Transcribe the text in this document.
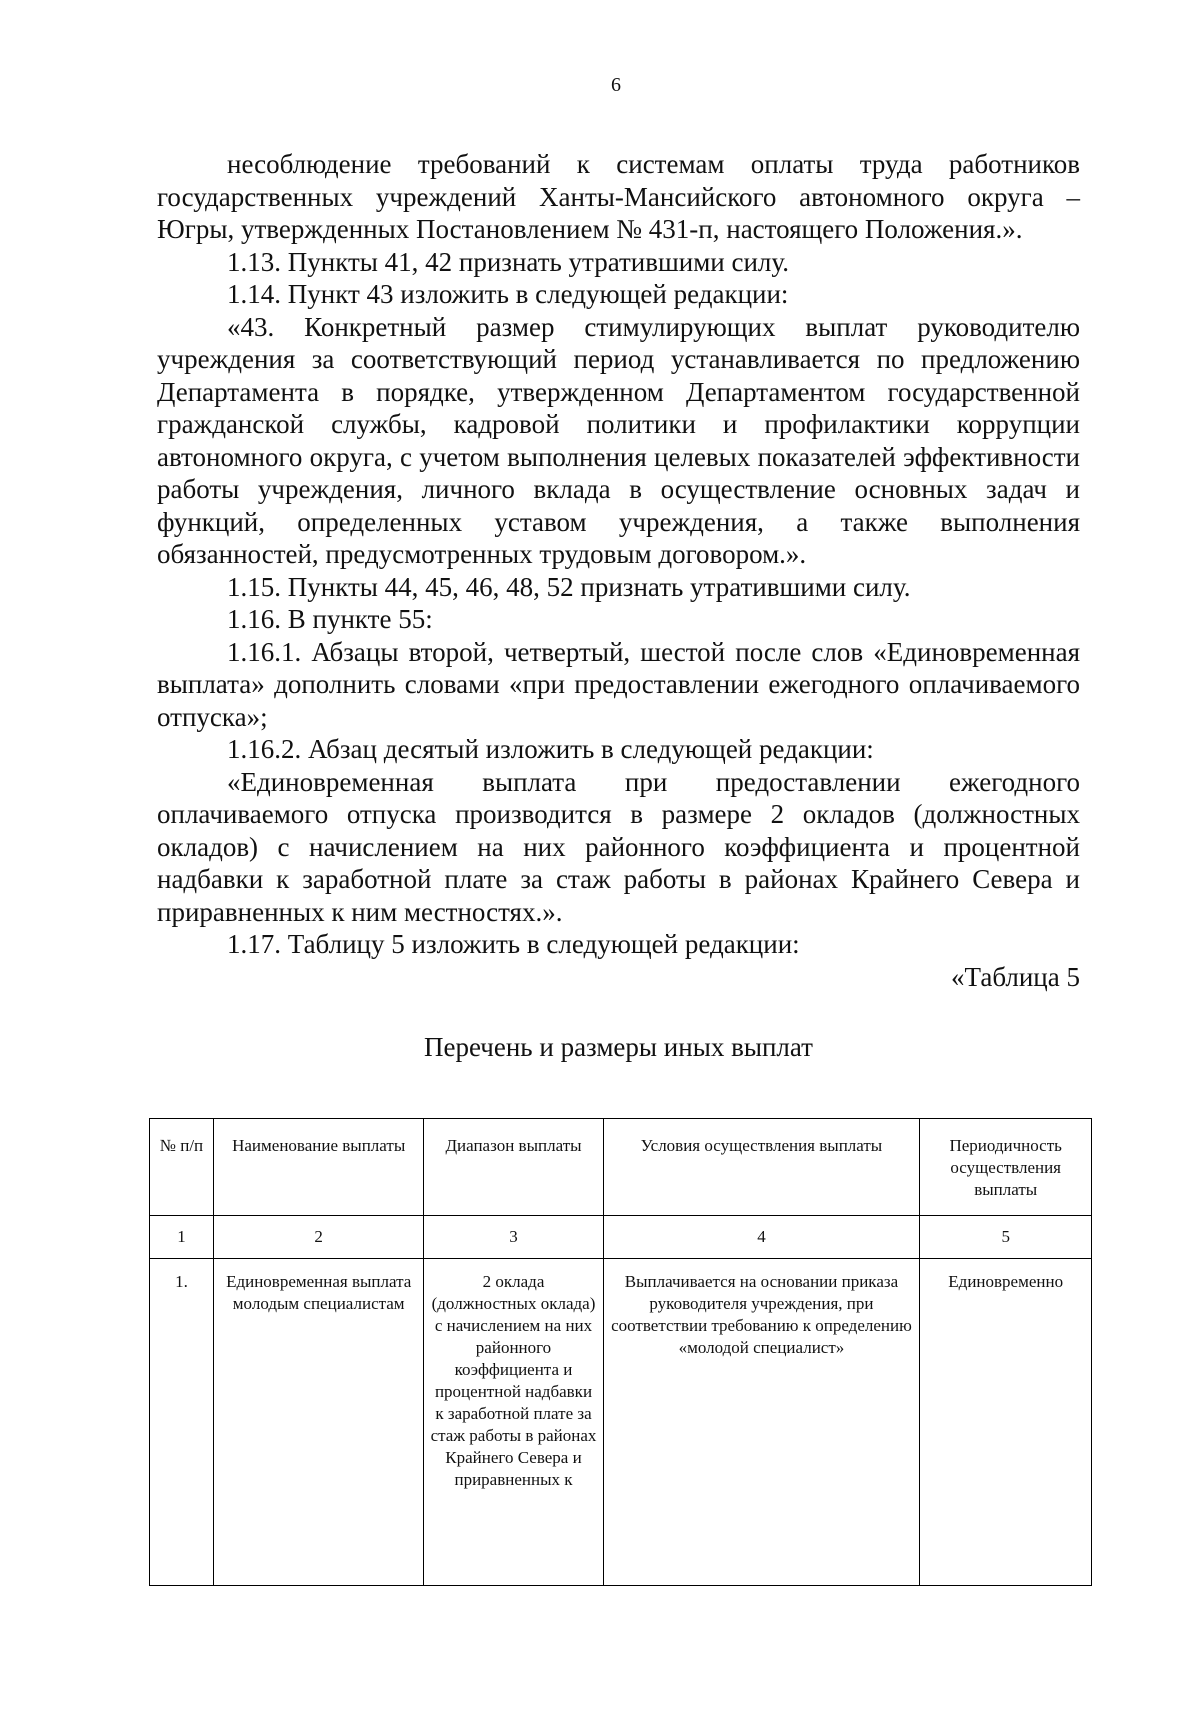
6

несоблюдение требований к системам оплаты труда работников государственных учреждений Ханты-Мансийского автономного округа – Югры, утвержденных Постановлением № 431-п, настоящего Положения.».

1.13. Пункты 41, 42 признать утратившими силу.

1.14. Пункт 43 изложить в следующей редакции:

«43. Конкретный размер стимулирующих выплат руководителю учреждения за соответствующий период устанавливается по предложению Департамента в порядке, утвержденном Департаментом государственной гражданской службы, кадровой политики и профилактики коррупции автономного округа, с учетом выполнения целевых показателей эффективности работы учреждения, личного вклада в осуществление основных задач и функций, определенных уставом учреждения, а также выполнения обязанностей, предусмотренных трудовым договором.».

1.15. Пункты 44, 45, 46, 48, 52 признать утратившими силу.

1.16. В пункте 55:

1.16.1. Абзацы второй, четвертый, шестой после слов «Единовременная выплата» дополнить словами «при предоставлении ежегодного оплачиваемого отпуска»;

1.16.2. Абзац десятый изложить в следующей редакции:

«Единовременная выплата при предоставлении ежегодного оплачиваемого отпуска производится в размере 2 окладов (должностных окладов) с начислением на них районного коэффициента и процентной надбавки к заработной плате за стаж работы в районах Крайнего Севера и приравненных к ним местностях.».

1.17. Таблицу 5 изложить в следующей редакции:

«Таблица 5

Перечень и размеры иных выплат
№ п/п	Наименование выплаты	Диапазон выплаты	Условия осуществления выплаты	Периодичность осуществления выплаты
1	2	3	4	5
1.	Единовременная выплата молодым специалистам	2 оклада (должностных оклада) с начислением на них районного коэффициента и процентной надбавки к заработной плате за стаж работы в районах Крайнего Севера и приравненных к	Выплачивается на основании приказа руководителя учреждения, при соответствии требованию к определению «молодой специалист»	Единовременно
